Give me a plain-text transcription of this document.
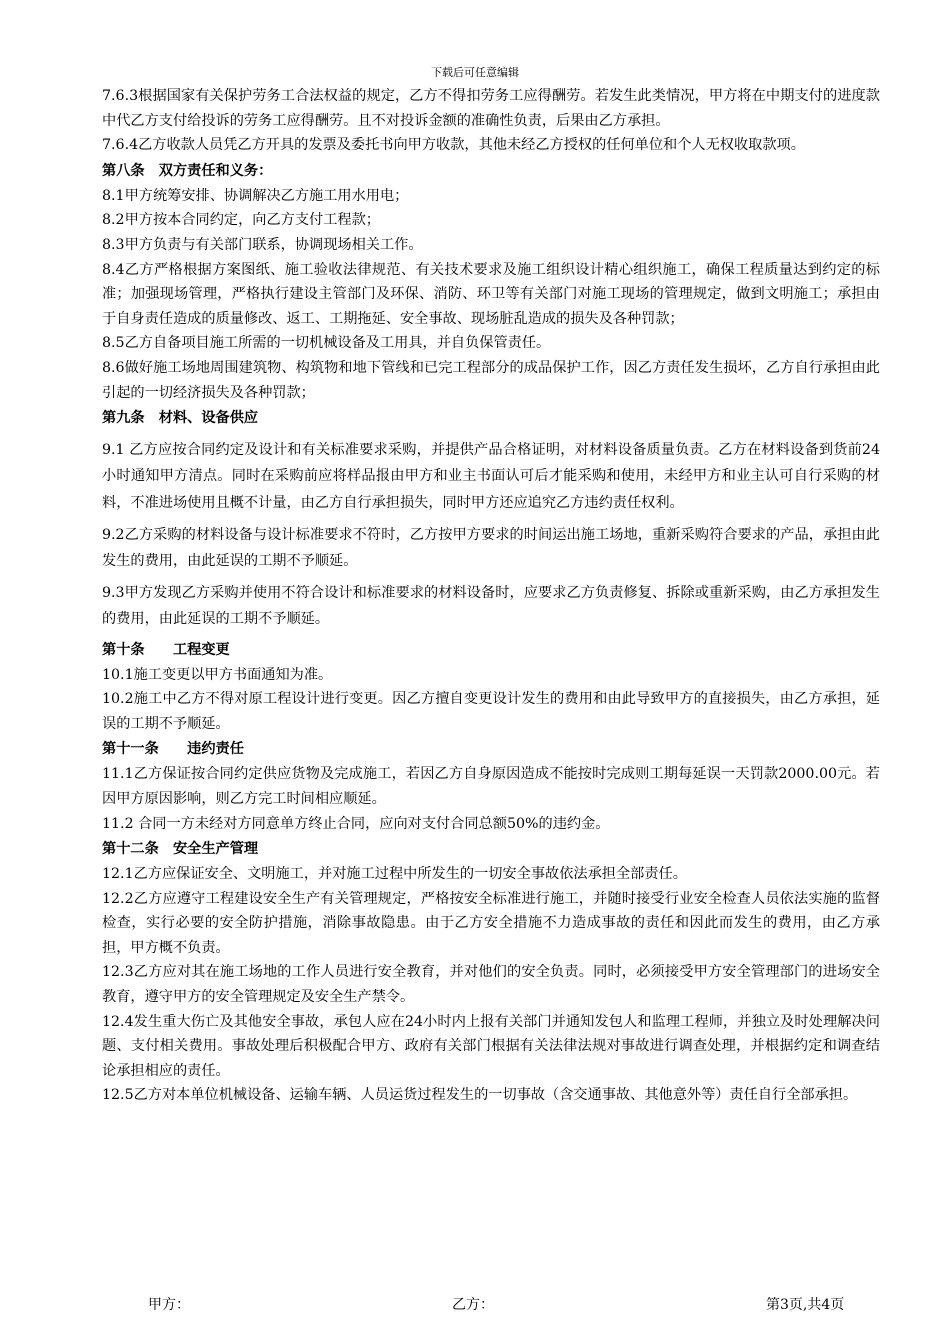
下载后可任意编辑

7.6.3根据国家有关保护劳务工合法权益的规定，乙方不得扣劳务工应得酬劳。若发生此类情况，甲方将在中期支付的进度款中代乙方支付给投诉的劳务工应得酬劳。且不对投诉金额的准确性负责，后果由乙方承担。

7.6.4乙方收款人员凭乙方开具的发票及委托书向甲方收款，其他未经乙方授权的任何单位和个人无权收取款项。

第八条　双方责任和义务：

8.1甲方统筹安排、协调解决乙方施工用水用电；

8.2甲方按本合同约定，向乙方支付工程款；

8.3甲方负责与有关部门联系，协调现场相关工作。

8.4乙方严格根据方案图纸、施工验收法律规范、有关技术要求及施工组织设计精心组织施工，确保工程质量达到约定的标准；加强现场管理，严格执行建设主管部门及环保、消防、环卫等有关部门对施工现场的管理规定，做到文明施工；承担由于自身责任造成的质量修改、返工、工期拖延、安全事故、现场脏乱造成的损失及各种罚款；

8.5乙方自备项目施工所需的一切机械设备及工用具，并自负保管责任。

8.6做好施工场地周围建筑物、构筑物和地下管线和已完工程部分的成品保护工作，因乙方责任发生损坏，乙方自行承担由此引起的一切经济损失及各种罚款；

第九条　材料、设备供应

9.1 乙方应按合同约定及设计和有关标准要求采购，并提供产品合格证明，对材料设备质量负责。乙方在材料设备到货前24小时通知甲方清点。同时在采购前应将样品报由甲方和业主书面认可后才能采购和使用，未经甲方和业主认可自行采购的材料，不准进场使用且概不计量，由乙方自行承担损失，同时甲方还应追究乙方违约责任权利。

9.2乙方采购的材料设备与设计标准要求不符时，乙方按甲方要求的时间运出施工场地，重新采购符合要求的产品，承担由此发生的费用，由此延误的工期不予顺延。

9.3甲方发现乙方采购并使用不符合设计和标准要求的材料设备时，应要求乙方负责修复、拆除或重新采购，由乙方承担发生的费用，由此延误的工期不予顺延。

第十条　　工程变更

10.1施工变更以甲方书面通知为准。

10.2施工中乙方不得对原工程设计进行变更。因乙方擅自变更设计发生的费用和由此导致甲方的直接损失，由乙方承担，延误的工期不予顺延。

第十一条　　违约责任

11.1乙方保证按合同约定供应货物及完成施工，若因乙方自身原因造成不能按时完成则工期每延误一天罚款2000.00元。若因甲方原因影响，则乙方完工时间相应顺延。

11.2 合同一方未经对方同意单方终止合同，应向对支付合同总额50%的违约金。

第十二条　安全生产管理

12.1乙方应保证安全、文明施工，并对施工过程中所发生的一切安全事故依法承担全部责任。

12.2乙方应遵守工程建设安全生产有关管理规定，严格按安全标准进行施工，并随时接受行业安全检查人员依法实施的监督检查，实行必要的安全防护措施，消除事故隐患。由于乙方安全措施不力造成事故的责任和因此而发生的费用，由乙方承担，甲方概不负责。

12.3乙方应对其在施工场地的工作人员进行安全教育，并对他们的安全负责。同时，必须接受甲方安全管理部门的进场安全教育，遵守甲方的安全管理规定及安全生产禁令。

12.4发生重大伤亡及其他安全事故，承包人应在24小时内上报有关部门并通知发包人和监理工程师，并独立及时处理解决问题、支付相关费用。事故处理后积极配合甲方、政府有关部门根据有关法律法规对事故进行调查处理，并根据约定和调查结论承担相应的责任。

12.5乙方对本单位机械设备、运输车辆、人员运货过程发生的一切事故（含交通事故、其他意外等）责任自行全部承担。

甲方：	乙方：	第3页,共4页
